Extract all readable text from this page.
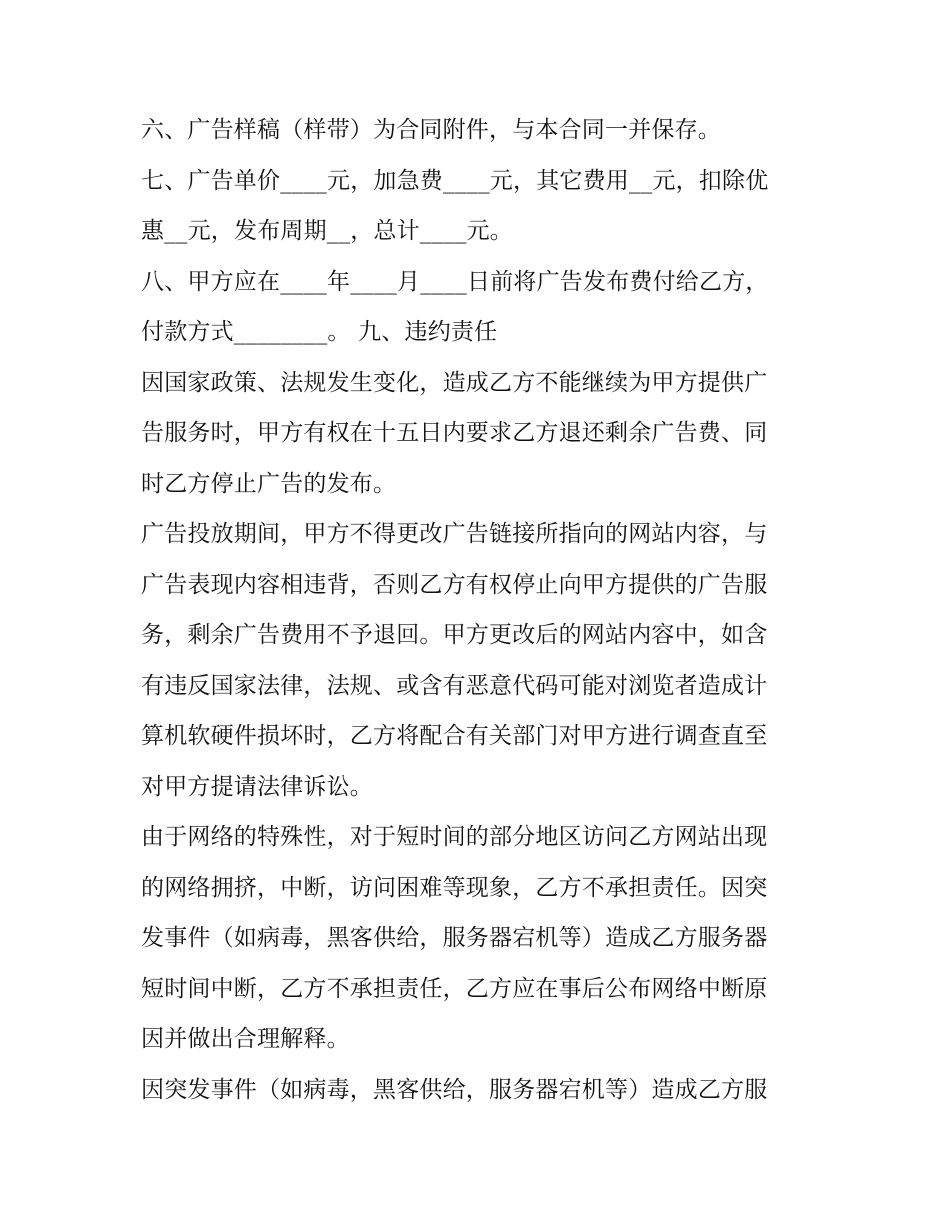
六、广告样稿（样带）为合同附件，与本合同一并保存。
七、广告单价____元，加急费____元，其它费用__元，扣除优
惠__元，发布周期__，总计____元。
八、甲方应在____年____月____日前将广告发布费付给乙方，
付款方式________。 九、违约责任
因国家政策、法规发生变化，造成乙方不能继续为甲方提供广
告服务时，甲方有权在十五日内要求乙方退还剩余广告费、同
时乙方停止广告的发布。
广告投放期间，甲方不得更改广告链接所指向的网站内容，与
广告表现内容相违背，否则乙方有权停止向甲方提供的广告服
务，剩余广告费用不予退回。甲方更改后的网站内容中，如含
有违反国家法律，法规、或含有恶意代码可能对浏览者造成计
算机软硬件损坏时，乙方将配合有关部门对甲方进行调查直至
对甲方提请法律诉讼。
由于网络的特殊性，对于短时间的部分地区访问乙方网站出现
的网络拥挤，中断，访问困难等现象，乙方不承担责任。因突
发事件（如病毒，黑客供给，服务器宕机等）造成乙方服务器
短时间中断，乙方不承担责任，乙方应在事后公布网络中断原
因并做出合理解释。
因突发事件（如病毒，黑客供给，服务器宕机等）造成乙方服
